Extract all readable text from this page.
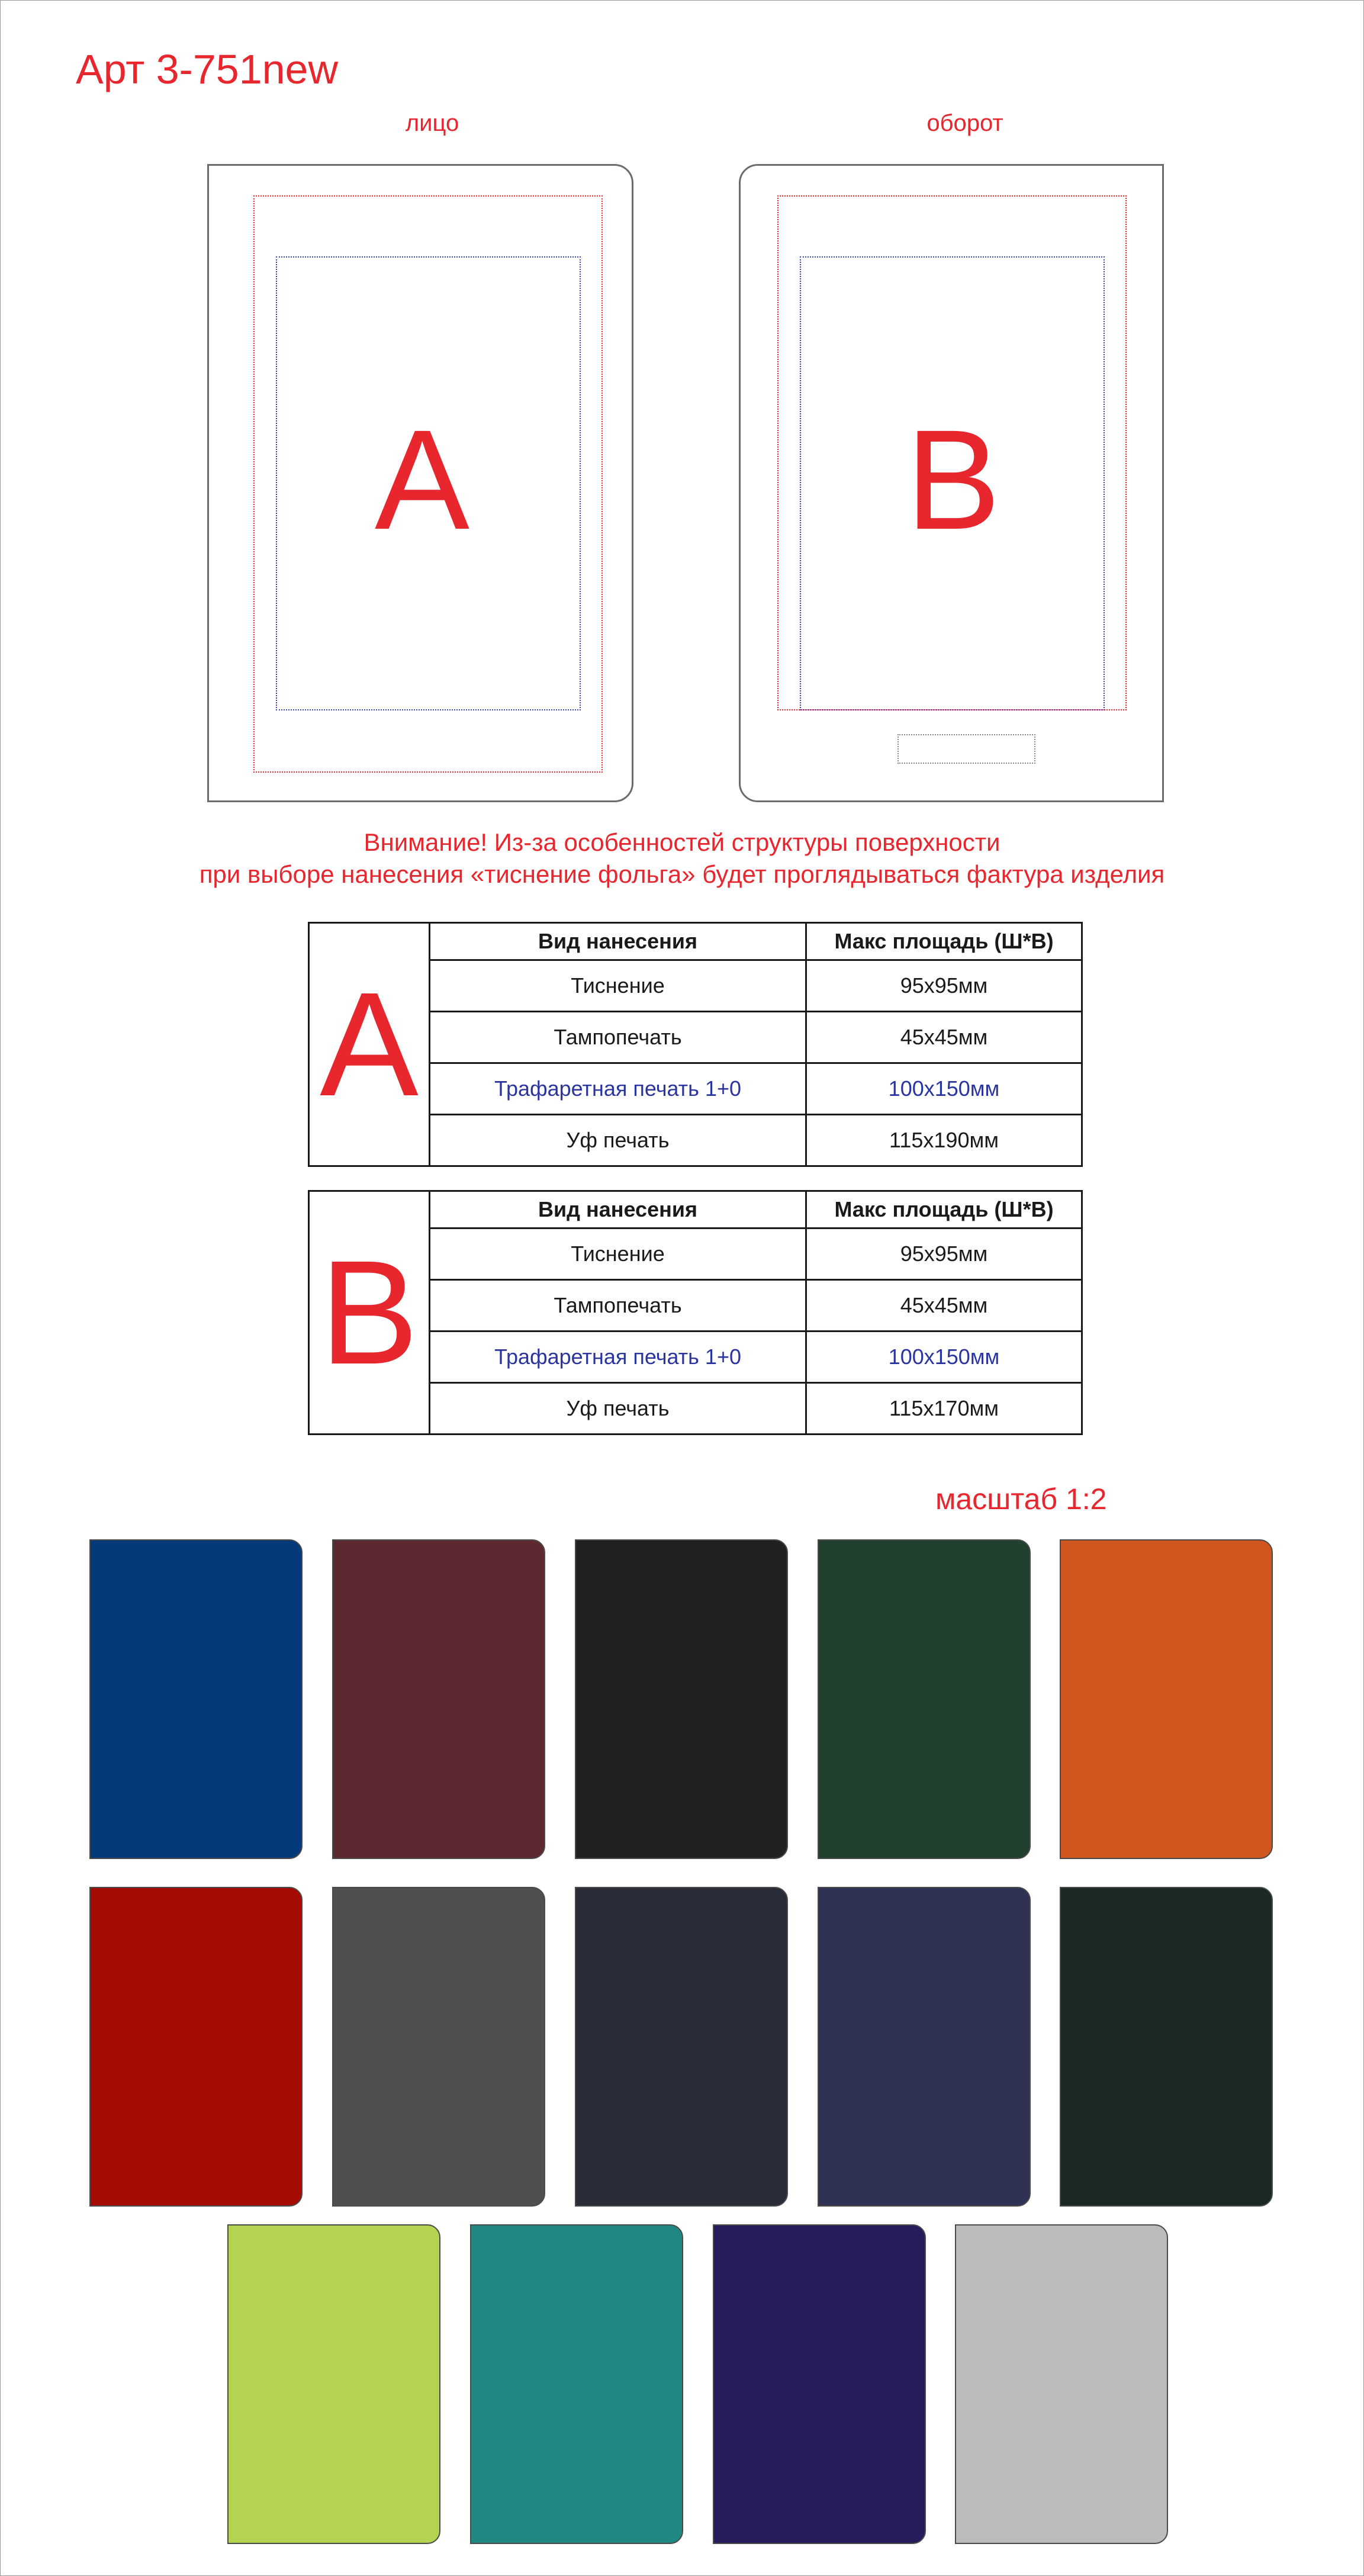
Арт 3-751new
лицо	оборот
A	B
Внимание! Из-за особенностей структуры поверхности
при выборе нанесения «тиснение фольга» будет проглядываться фактура изделия
A	Вид нанесения	Макс площадь (Ш*В)
	Тиснение	95х95мм
	Тампопечать	45х45мм
	Трафаретная печать 1+0	100х150мм
	Уф печать	115х190мм
B	Вид нанесения	Макс площадь (Ш*В)
	Тиснение	95х95мм
	Тампопечать	45х45мм
	Трафаретная печать 1+0	100х150мм
	Уф печать	115х170мм
масштаб 1:2
